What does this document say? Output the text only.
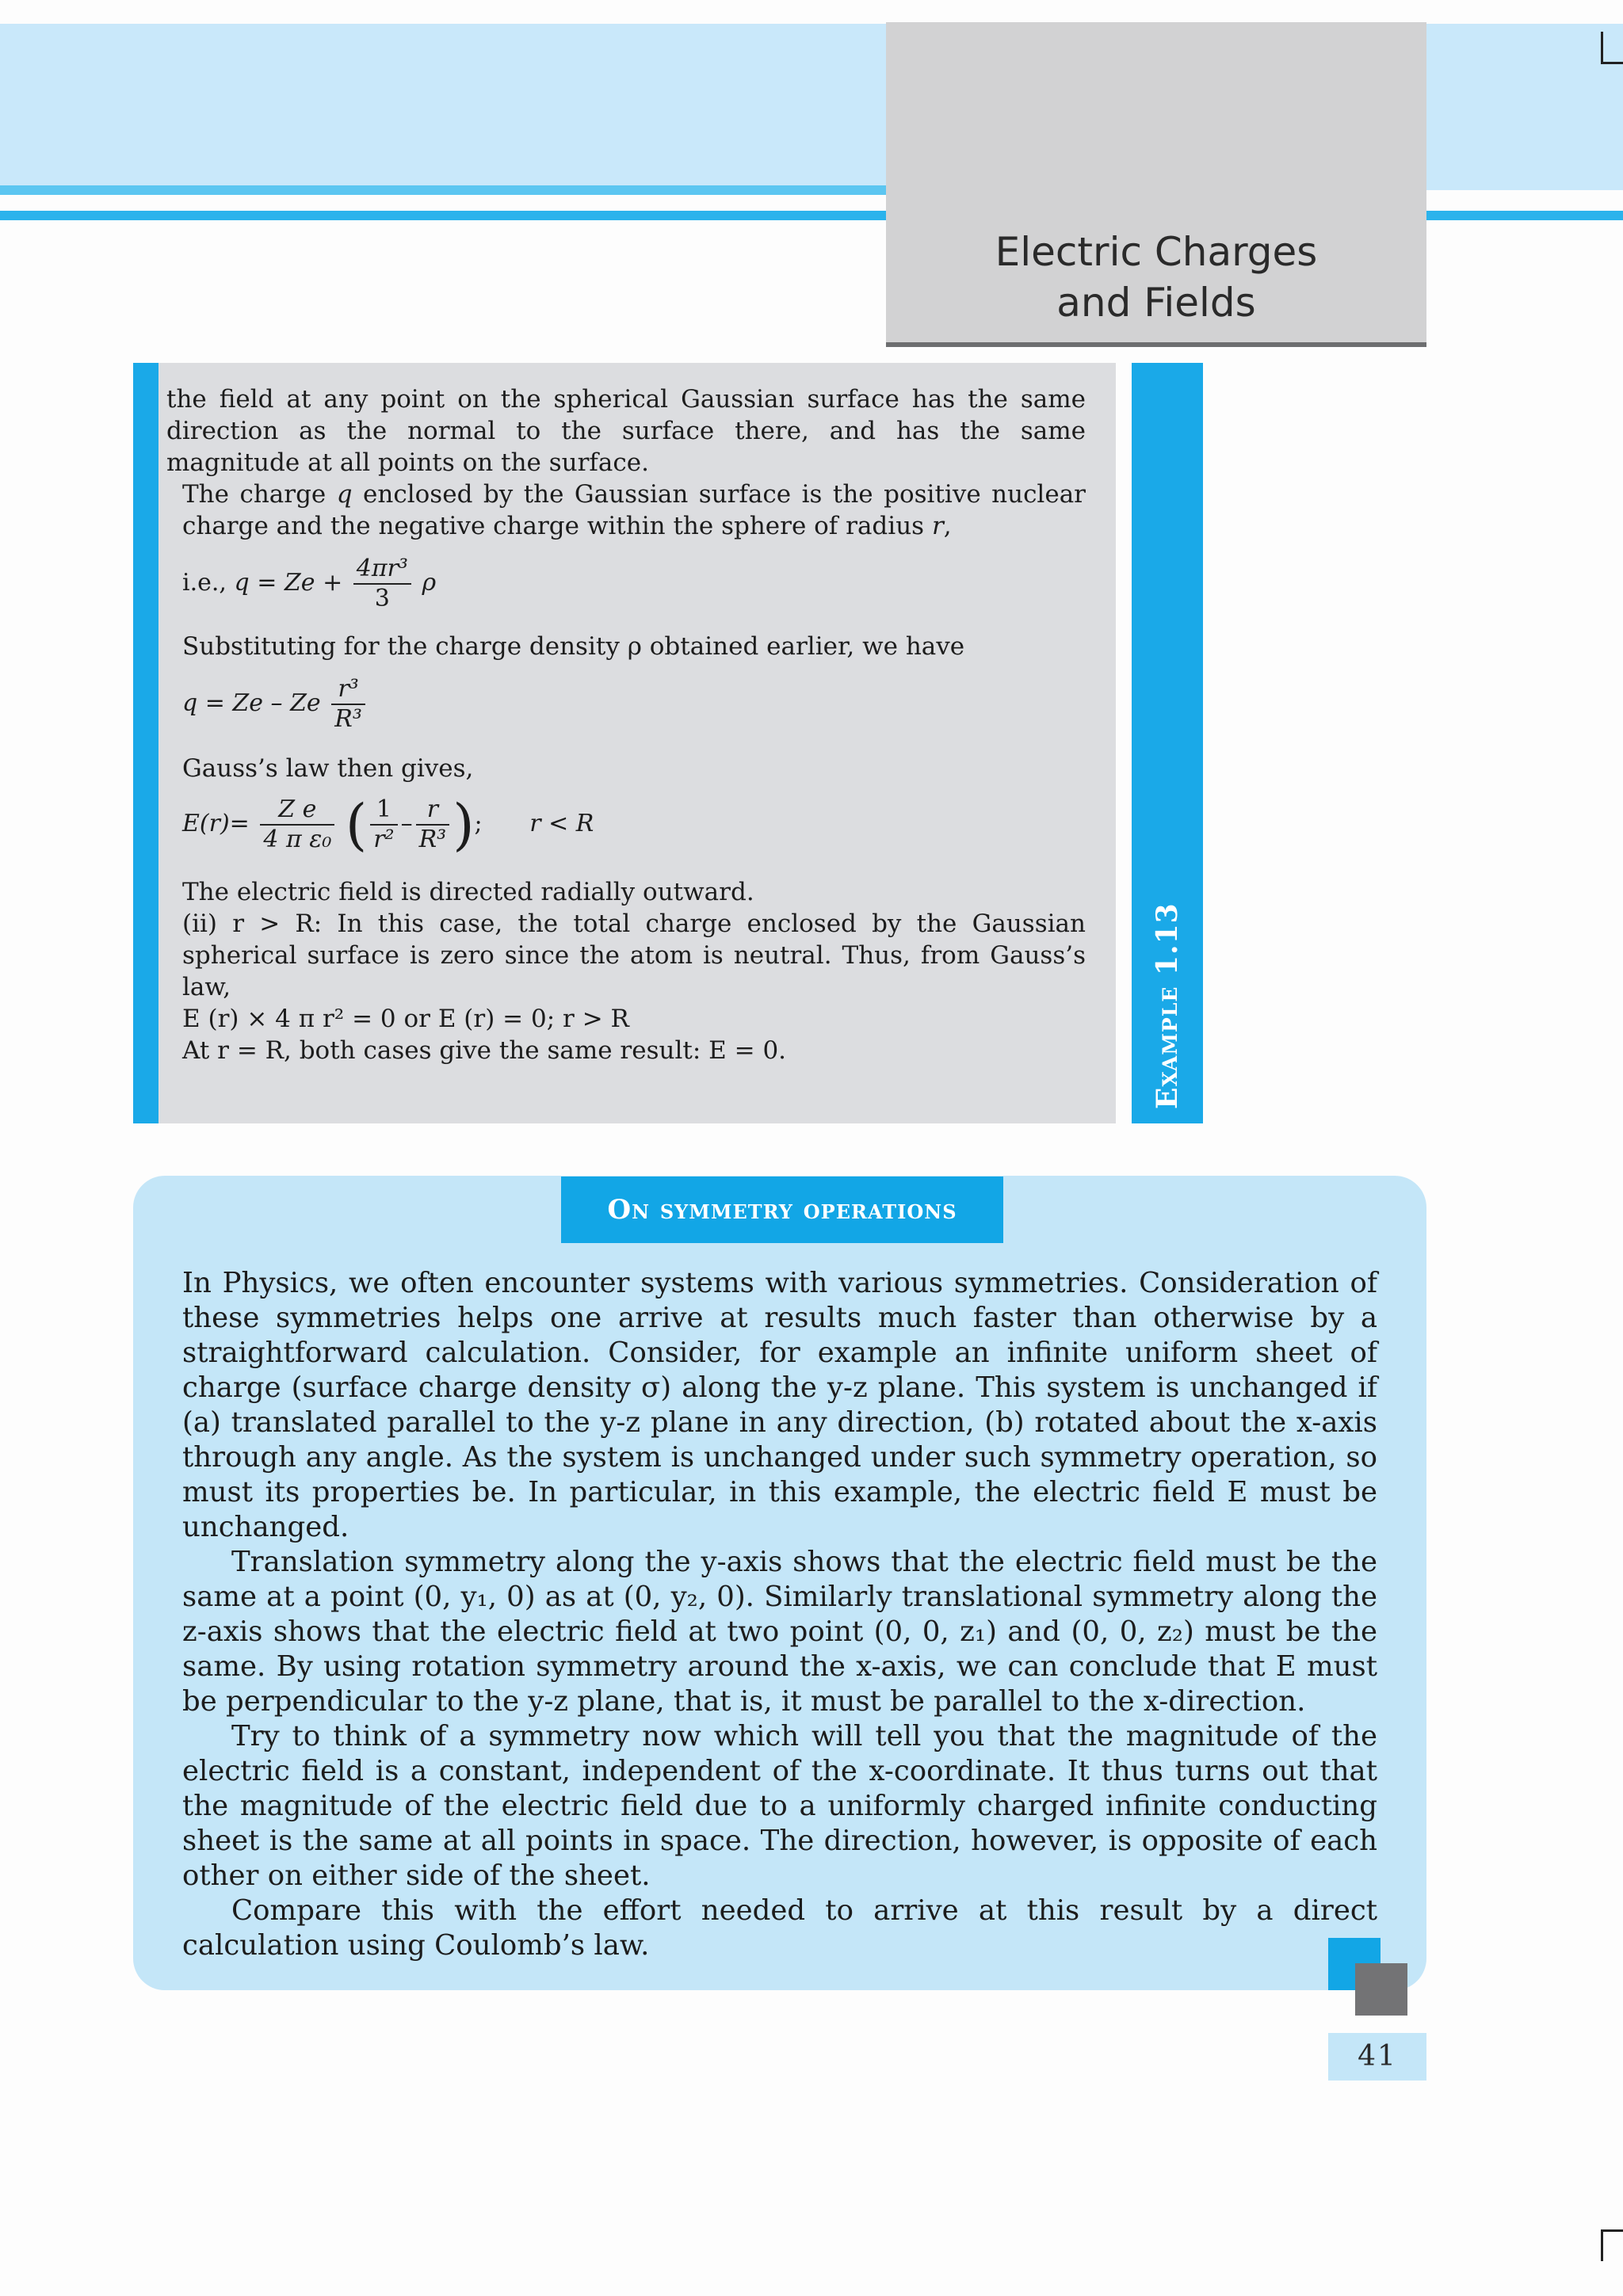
Electric Charges
and Fields
Example 1.13
the field at any point on the spherical Gaussian surface has the same direction as the normal to the surface there, and has the same magnitude at all points on the surface.
The charge q enclosed by the Gaussian surface is the positive nuclear charge and the negative charge within the sphere of radius r,
i.e., $q = Ze + \frac{\text{4πr³}}{3}$ ρ
Substituting for the charge density ρ obtained earlier, we have
q = Ze – Ze $\frac{\text{r³}}{\text{R³}}$
Gauss’s law then gives,
$E(r)= \frac{\text{Z e}}{\text{4 π ε₀}}$ ( $\frac{1}{\text{r²}} - \frac{r}{\text{R³}}$ ); r < R
The electric field is directed radially outward.
(ii) r > R: In this case, the total charge enclosed by the Gaussian spherical surface is zero since the atom is neutral. Thus, from Gauss’s law,
E (r) × 4 π r² = 0 or E (r) = 0; r > R
At r = R, both cases give the same result: E = 0.
On symmetry operations

In Physics, we often encounter systems with various symmetries. Consideration of these symmetries helps one arrive at results much faster than otherwise by a straightforward calculation. Consider, for example an infinite uniform sheet of charge (surface charge density σ) along the y-z plane. This system is unchanged if (a) translated parallel to the y-z plane in any direction, (b) rotated about the x-axis through any angle. As the system is unchanged under such symmetry operation, so must its properties be. In particular, in this example, the electric field E must be unchanged.

Translation symmetry along the y-axis shows that the electric field must be the same at a point (0, y₁, 0) as at (0, y₂, 0). Similarly translational symmetry along the z-axis shows that the electric field at two point (0, 0, z₁) and (0, 0, z₂) must be the same. By using rotation symmetry around the x-axis, we can conclude that E must be perpendicular to the y-z plane, that is, it must be parallel to the x-direction.

Try to think of a symmetry now which will tell you that the magnitude of the electric field is a constant, independent of the x-coordinate. It thus turns out that the magnitude of the electric field due to a uniformly charged infinite conducting sheet is the same at all points in space. The direction, however, is opposite of each other on either side of the sheet.

Compare this with the effort needed to arrive at this result by a direct calculation using Coulomb’s law.

41
